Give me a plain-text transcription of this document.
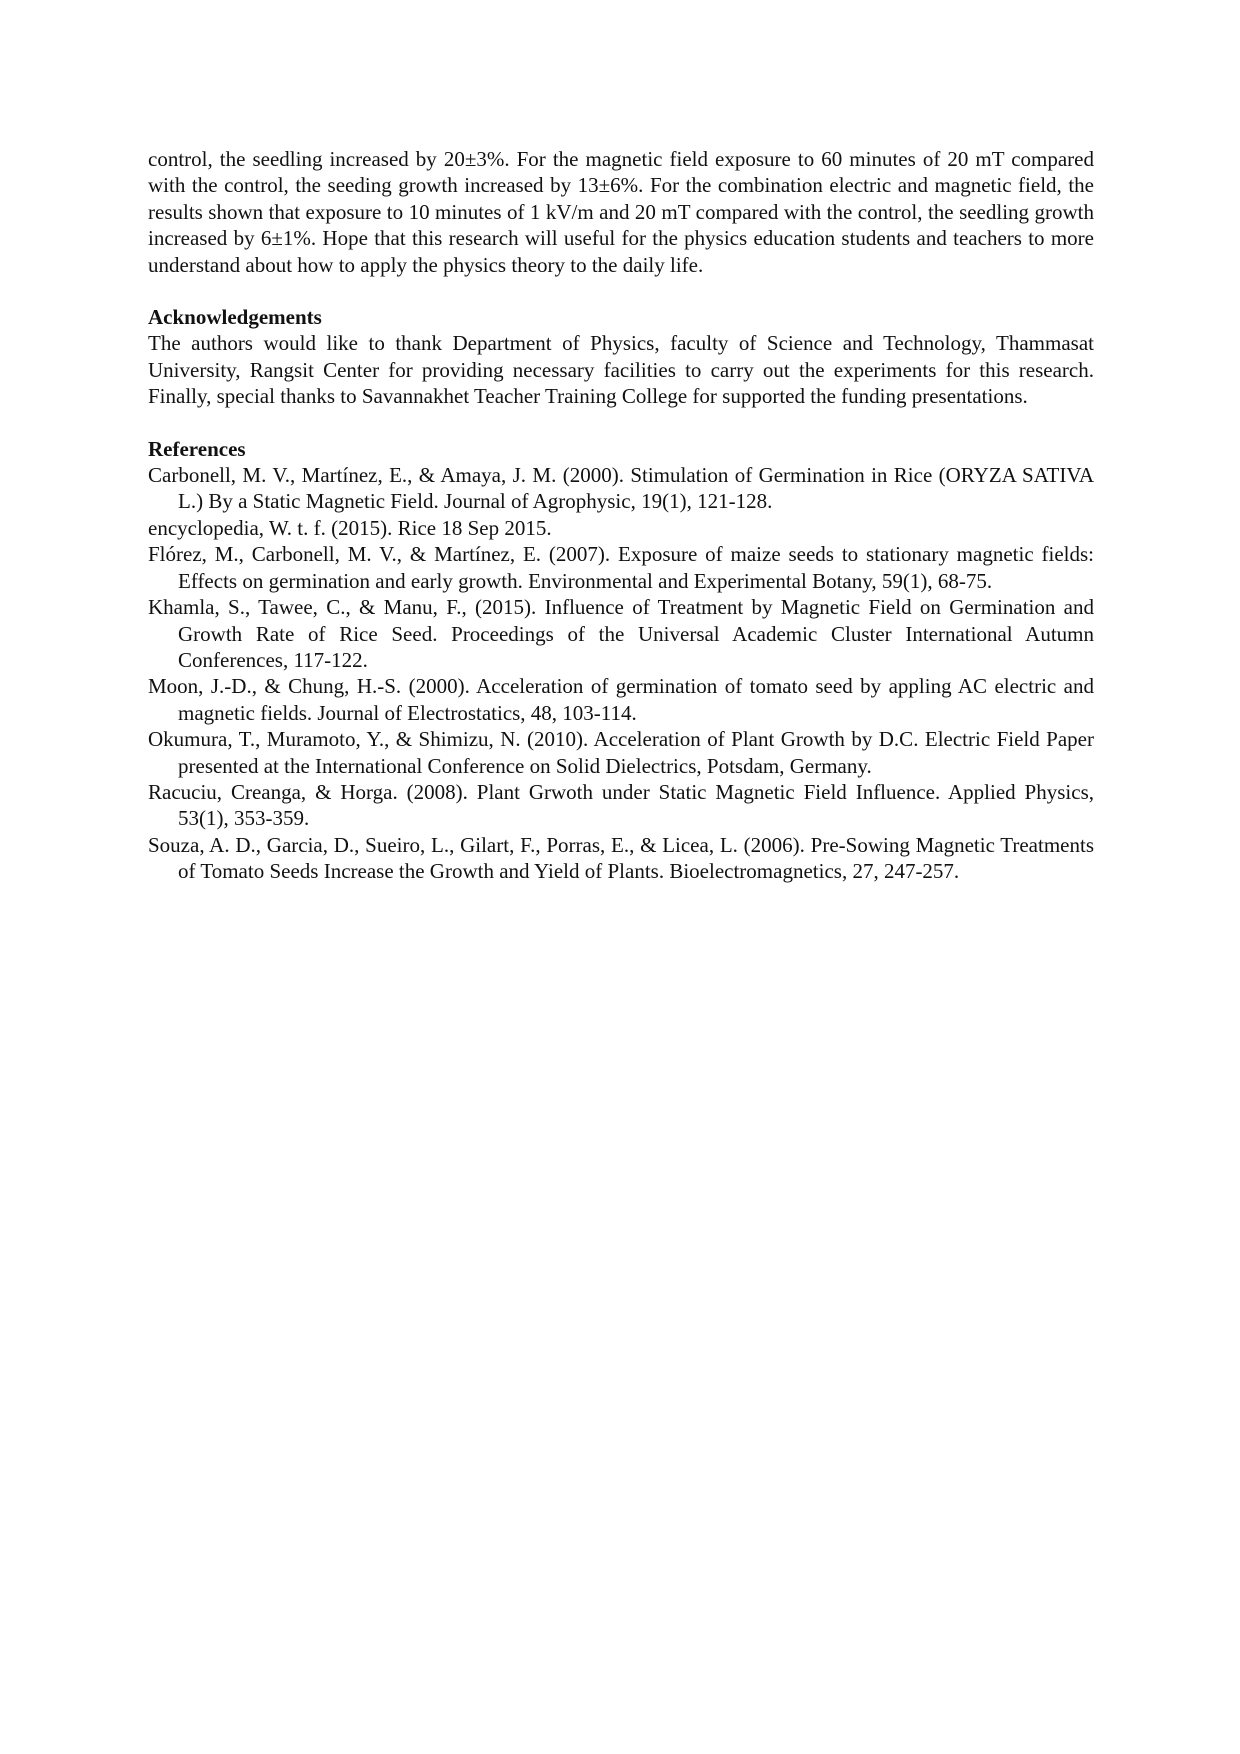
control, the seedling increased by 20±3%. For the magnetic field exposure to 60 minutes of 20 mT compared with the control, the seeding growth increased by 13±6%. For the combination electric and magnetic field, the results shown that exposure to 10 minutes of 1 kV/m and 20 mT compared with the control, the seedling growth increased by 6±1%. Hope that this research will useful for the physics education students and teachers to more understand about how to apply the physics theory to the daily life.

Acknowledgements

The authors would like to thank Department of Physics, faculty of Science and Technology, Thammasat University, Rangsit Center for providing necessary facilities to carry out the experiments for this research. Finally, special thanks to Savannakhet Teacher Training College for supported the funding presentations.

References
Carbonell, M. V., Martínez, E., & Amaya, J. M. (2000). Stimulation of Germination in Rice (ORYZA SATIVA L.) By a Static Magnetic Field. Journal of Agrophysic, 19(1), 121-128.
encyclopedia, W. t. f. (2015). Rice 18 Sep 2015.
Flórez, M., Carbonell, M. V., & Martínez, E. (2007). Exposure of maize seeds to stationary magnetic fields: Effects on germination and early growth. Environmental and Experimental Botany, 59(1), 68-75.
Khamla, S., Tawee, C., & Manu, F., (2015). Influence of Treatment by Magnetic Field on Germination and Growth Rate of Rice Seed. Proceedings of the Universal Academic Cluster International Autumn Conferences, 117-122.
Moon, J.-D., & Chung, H.-S. (2000). Acceleration of germination of tomato seed by appling AC electric and magnetic fields. Journal of Electrostatics, 48, 103-114.
Okumura, T., Muramoto, Y., & Shimizu, N. (2010). Acceleration of Plant Growth by D.C. Electric Field Paper presented at the International Conference on Solid Dielectrics, Potsdam, Germany.
Racuciu, Creanga, & Horga. (2008). Plant Grwoth under Static Magnetic Field Influence. Applied Physics, 53(1), 353-359.
Souza, A. D., Garcia, D., Sueiro, L., Gilart, F., Porras, E., & Licea, L. (2006). Pre-Sowing Magnetic Treatments of Tomato Seeds Increase the Growth and Yield of Plants. Bioelectromagnetics, 27, 247-257.
